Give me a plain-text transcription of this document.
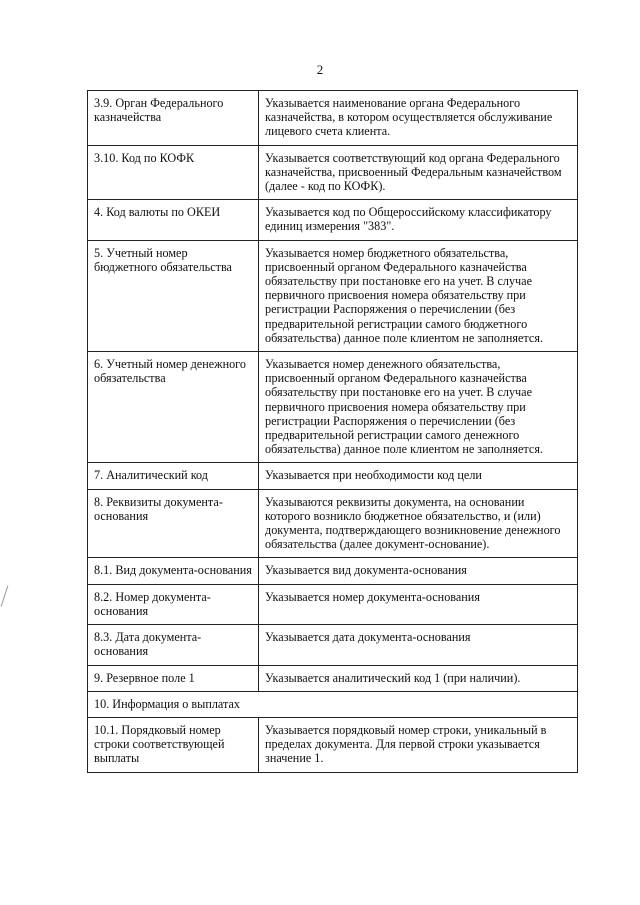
2
3.9. Орган Федерального казначейства	Указывается наименование органа Федерального казначейства, в котором осуществляется обслуживание лицевого счета клиента.
3.10. Код по КОФК	Указывается соответствующий код органа Федерального казначейства, присвоенный Федеральным казначейством (далее - код по КОФК).
4. Код валюты по ОКЕИ	Указывается код по Общероссийскому классификатору единиц измерения "383".
5. Учетный номер бюджетного обязательства	Указывается номер бюджетного обязательства, присвоенный органом Федерального казначейства обязательству при постановке его на учет. В случае первичного присвоения номера обязательству при регистрации Распоряжения о перечислении (без предварительной регистрации самого бюджетного обязательства) данное поле клиентом не заполняется.
6. Учетный номер денежного обязательства	Указывается номер денежного обязательства, присвоенный органом Федерального казначейства обязательству при постановке его на учет. В случае первичного присвоения номера обязательству при регистрации Распоряжения о перечислении (без предварительной регистрации самого денежного обязательства) данное поле клиентом не заполняется.
7. Аналитический код	Указывается при необходимости код цели
8. Реквизиты документа-основания	Указываются реквизиты документа, на основании которого возникло бюджетное обязательство, и (или) документа, подтверждающего возникновение денежного обязательства (далее документ-основание).
8.1. Вид документа-основания	Указывается вид документа-основания
8.2. Номер документа-основания	Указывается номер документа-основания
8.3. Дата документа-основания	Указывается дата документа-основания
9. Резервное поле 1	Указывается аналитический код 1 (при наличии).
10. Информация о выплатах	
10.1. Порядковый номер строки соответствующей выплаты	Указывается порядковый номер строки, уникальный в пределах документа. Для первой строки указывается значение 1.
